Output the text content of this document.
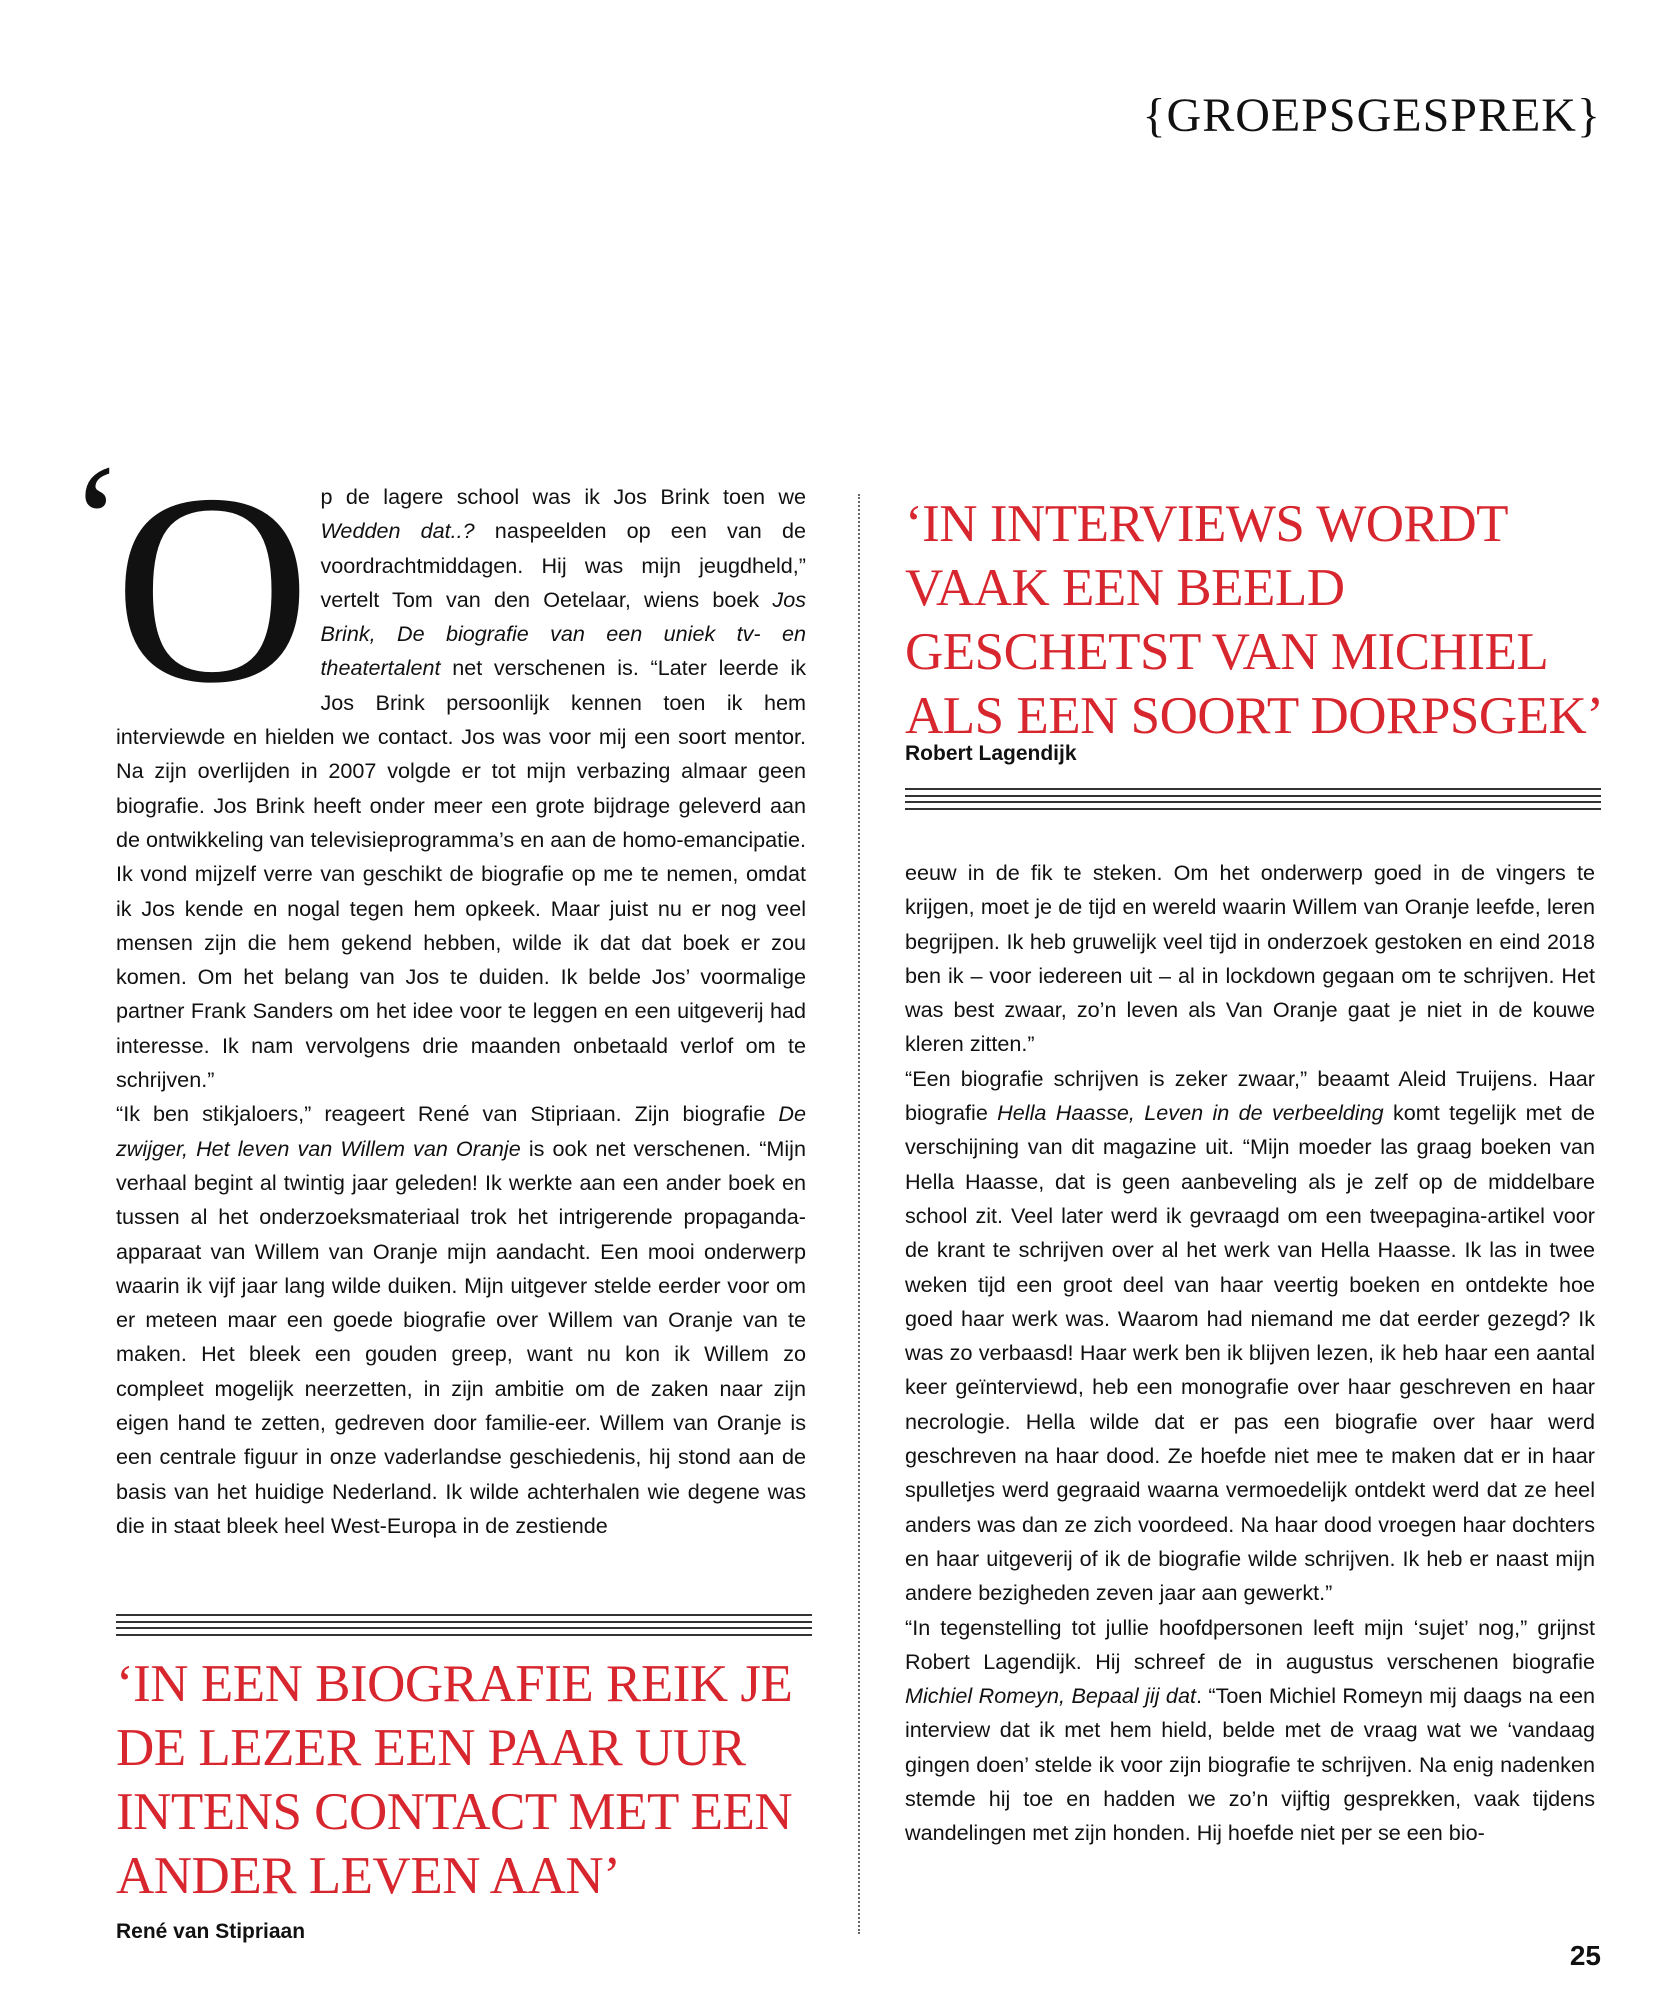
{GROEPSGESPREK}
‘

Op de lagere school was ik Jos Brink toen we Wedden dat..? naspeelden op een van de voordrachtmiddagen. Hij was mijn jeugdheld,” vertelt Tom van den Oetelaar, wiens boek Jos Brink, De biografie van een uniek tv- en theatertalent net verschenen is. “Later leerde ik Jos Brink persoonlijk kennen toen ik hem interviewde en hielden we contact. Jos was voor mij een soort mentor. Na zijn overlijden in 2007 volgde er tot mijn verbazing almaar geen biografie. Jos Brink heeft onder meer een grote bijdrage geleverd aan de ontwikkeling van televisieprogramma’s en aan de homo-emancipatie. Ik vond mijzelf verre van geschikt de biografie op me te nemen, omdat ik Jos kende en nogal tegen hem opkeek. Maar juist nu er nog veel mensen zijn die hem gekend hebben, wilde ik dat dat boek er zou komen. Om het belang van Jos te duiden. Ik belde Jos’ voormalige partner Frank Sanders om het idee voor te leggen en een uitgeverij had interesse. Ik nam vervolgens drie maanden onbetaald verlof om te schrijven.”

“Ik ben stikjaloers,” reageert René van Stipriaan. Zijn biografie De zwijger, Het leven van Willem van Oranje is ook net verschenen. “Mijn verhaal begint al twintig jaar geleden! Ik werkte aan een ander boek en tussen al het onderzoeksmateriaal trok het intrigerende propaganda-apparaat van Willem van Oranje mijn aandacht. Een mooi onderwerp waarin ik vijf jaar lang wilde duiken. Mijn uitgever stelde eerder voor om er meteen maar een goede biografie over Willem van Oranje van te maken. Het bleek een gouden greep, want nu kon ik Willem zo compleet mogelijk neerzetten, in zijn ambitie om de zaken naar zijn eigen hand te zetten, gedreven door familie-eer. Willem van Oranje is een centrale figuur in onze vaderlandse geschiedenis, hij stond aan de basis van het huidige Nederland. Ik wilde achterhalen wie degene was die in staat bleek heel West-Europa in de zestiende

‘IN EEN BIOGRAFIE REIK JE DE LEZER EEN PAAR UUR INTENS CONTACT MET EEN ANDER LEVEN AAN’
René van Stipriaan
‘IN INTERVIEWS WORDT VAAK EEN BEELD GESCHETST VAN MICHIEL ALS EEN SOORT DORPSGEK’
Robert Lagendijk

eeuw in de fik te steken. Om het onderwerp goed in de vingers te krijgen, moet je de tijd en wereld waarin Willem van Oranje leefde, leren begrijpen. Ik heb gruwelijk veel tijd in onderzoek gestoken en eind 2018 ben ik – voor iedereen uit – al in lockdown gegaan om te schrijven. Het was best zwaar, zo’n leven als Van Oranje gaat je niet in de kouwe kleren zitten.”

“Een biografie schrijven is zeker zwaar,” beaamt Aleid Truijens. Haar biografie Hella Haasse, Leven in de verbeelding komt tegelijk met de verschijning van dit magazine uit. “Mijn moeder las graag boeken van Hella Haasse, dat is geen aanbeveling als je zelf op de middelbare school zit. Veel later werd ik gevraagd om een tweepagina-artikel voor de krant te schrijven over al het werk van Hella Haasse. Ik las in twee weken tijd een groot deel van haar veertig boeken en ontdekte hoe goed haar werk was. Waarom had niemand me dat eerder gezegd? Ik was zo verbaasd! Haar werk ben ik blijven lezen, ik heb haar een aantal keer geïnterviewd, heb een monografie over haar geschreven en haar necrologie. Hella wilde dat er pas een biografie over haar werd geschreven na haar dood. Ze hoefde niet mee te maken dat er in haar spulletjes werd gegraaid waarna vermoedelijk ontdekt werd dat ze heel anders was dan ze zich voordeed. Na haar dood vroegen haar dochters en haar uitgeverij of ik de biografie wilde schrijven. Ik heb er naast mijn andere bezigheden zeven jaar aan gewerkt.”

“In tegenstelling tot jullie hoofdpersonen leeft mijn ‘sujet’ nog,” grijnst Robert Lagendijk. Hij schreef de in augustus verschenen biografie Michiel Romeyn, Bepaal jij dat. “Toen Michiel Romeyn mij daags na een interview dat ik met hem hield, belde met de vraag wat we ‘vandaag gingen doen’ stelde ik voor zijn biografie te schrijven. Na enig nadenken stemde hij toe en hadden we zo’n vijftig gesprekken, vaak tijdens wandelingen met zijn honden. Hij hoefde niet per se een bio-

25
